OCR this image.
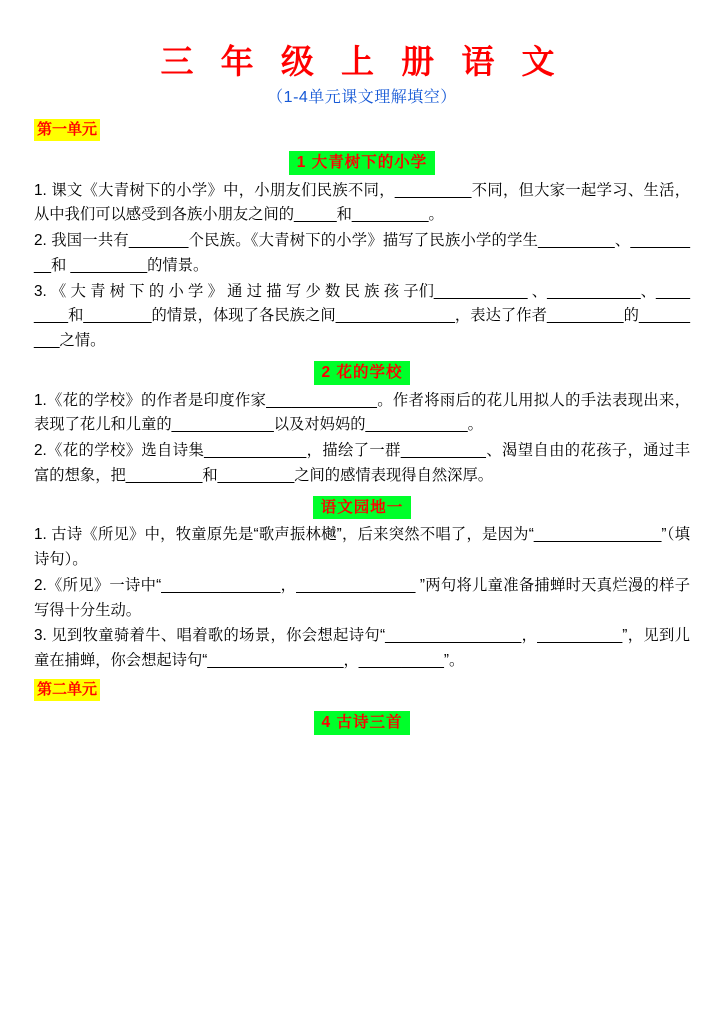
三 年 级 上 册 语 文
（1-4单元课文理解填空）
第一单元
1 大青树下的小学

1. 课文《大青树下的小学》中，小朋友们民族不同，_________不同，但大家一起学习、生活，从中我们可以感受到各族小朋友之间的_____和_________。

2. 我国一共有_______个民族。《大青树下的小学》描写了民族小学的学生_________、_________和 _________的情景。

3. 《 大 青 树 下 的 小 学 》 通 过 描 写 少 数 民 族 孩 子们___________ 、___________、________和________的情景，体现了各民族之间______________，表达了作者_________的_________之情。

2 花的学校

1.《花的学校》的作者是印度作家_____________。作者将雨后的花儿用拟人的手法表现出来，表现了花儿和儿童的____________以及对妈妈的____________。

2.《花的学校》选自诗集____________，描绘了一群__________、渴望自由的花孩子，通过丰富的想象，把_________和_________之间的感情表现得自然深厚。

语文园地一

1. 古诗《所见》中，牧童原先是“歌声振林樾”，后来突然不唱了，是因为“_______________”（填诗句）。

2.《所见》一诗中“______________，______________ ”两句将儿童准备捕蝉时天真烂漫的样子写得十分生动。

3. 见到牧童骑着牛、唱着歌的场景，你会想起诗句“________________，__________”，见到儿童在捕蝉，你会想起诗句“________________，__________”。

第二单元
4 古诗三首
